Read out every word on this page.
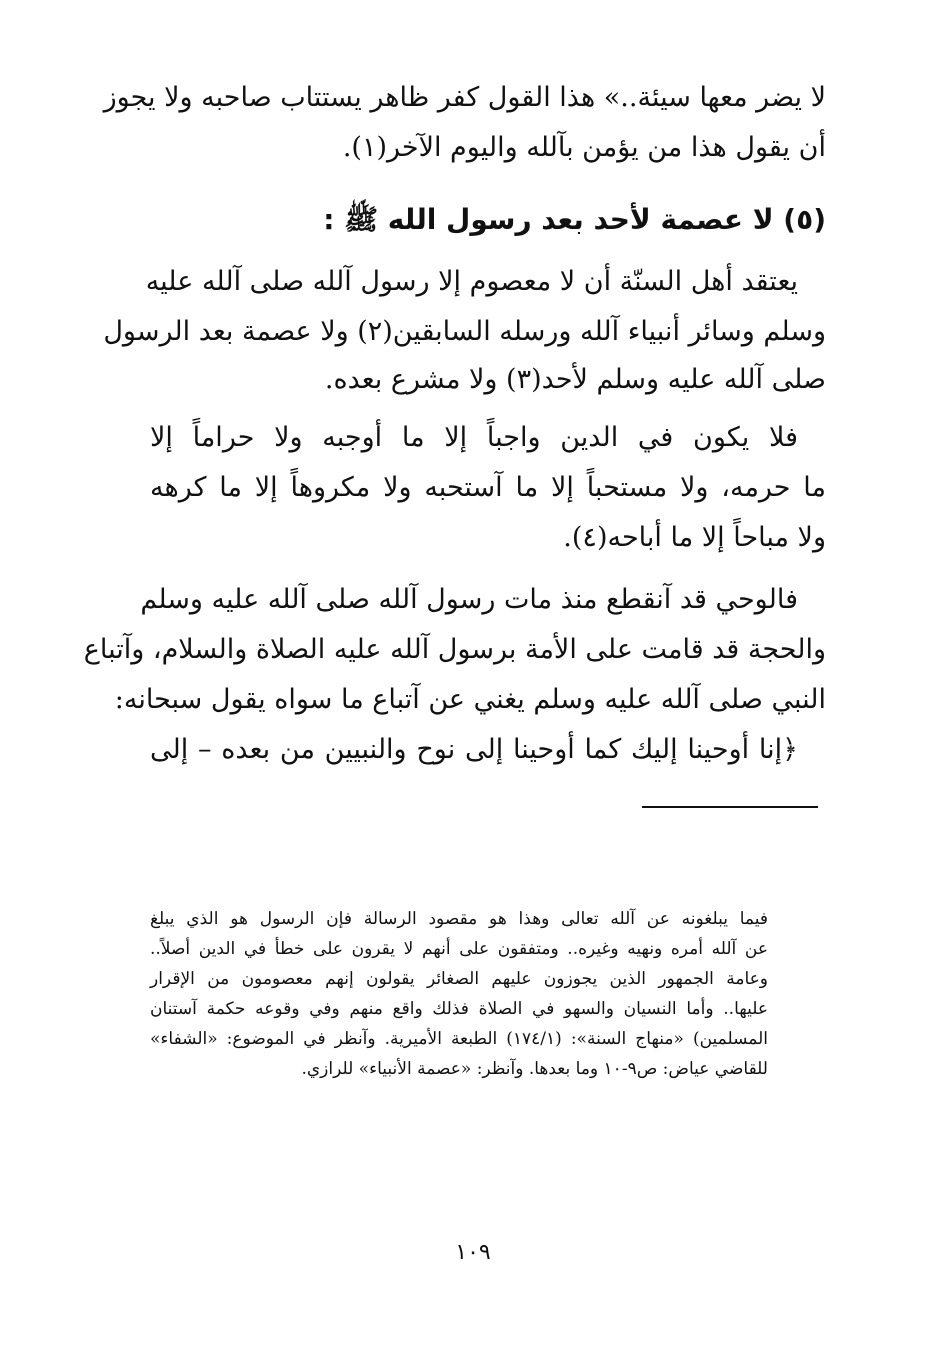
لا يضر معها سيئة..» هذا القول كفر ظاهر يستتاب صاحبه ولا يجوز
أن يقول هذا من يؤمن بآلله واليوم الآخر(١).
(٥) لا عصمة لأحد بعد رسول الله ﷺ :
يعتقد أهل السنّة أن لا معصوم إلا رسول آلله صلى آلله عليه
وسلم وسائر أنبياء آلله ورسله السابقين(٢) ولا عصمة بعد الرسول
صلى آلله عليه وسلم لأحد(٣) ولا مشرع بعده.
فلا يكون في الدين واجباً إلا ما أوجبه ولا حراماً إلا
ما حرمه، ولا مستحباً إلا ما آستحبه ولا مكروهاً إلا ما كرهه
ولا مباحاً إلا ما أباحه(٤).
فالوحي قد آنقطع منذ مات رسول آلله صلى آلله عليه وسلم
والحجة قد قامت على الأمة برسول آلله عليه الصلاة والسلام، وآتباع
النبي صلى آلله عليه وسلم يغني عن آتباع ما سواه يقول سبحانه:
﴿إنا أوحينا إليك كما أوحينا إلى نوح والنبيين من بعده – إلى
فيما يبلغونه عن آلله تعالى وهذا هو مقصود الرسالة فإن الرسول هو الذي يبلغ
عن آلله أمره ونهيه وغيره.. ومتفقون على أنهم لا يقرون على خطأ في الدين أصلاً..
وعامة الجمهور الذين يجوزون عليهم الصغائر يقولون إنهم معصومون من الإقرار
عليها.. وأما النسيان والسهو في الصلاة فذلك واقع منهم وفي وقوعه حكمة آستنان
المسلمين) «منهاج السنة»: (١٧٤/١) الطبعة الأميرية. وآنظر في الموضوع: «الشفاء»
للقاضي عياض: ص٩-١٠ وما بعدها. وآنظر: «عصمة الأنبياء» للرازي.
١٠٩
